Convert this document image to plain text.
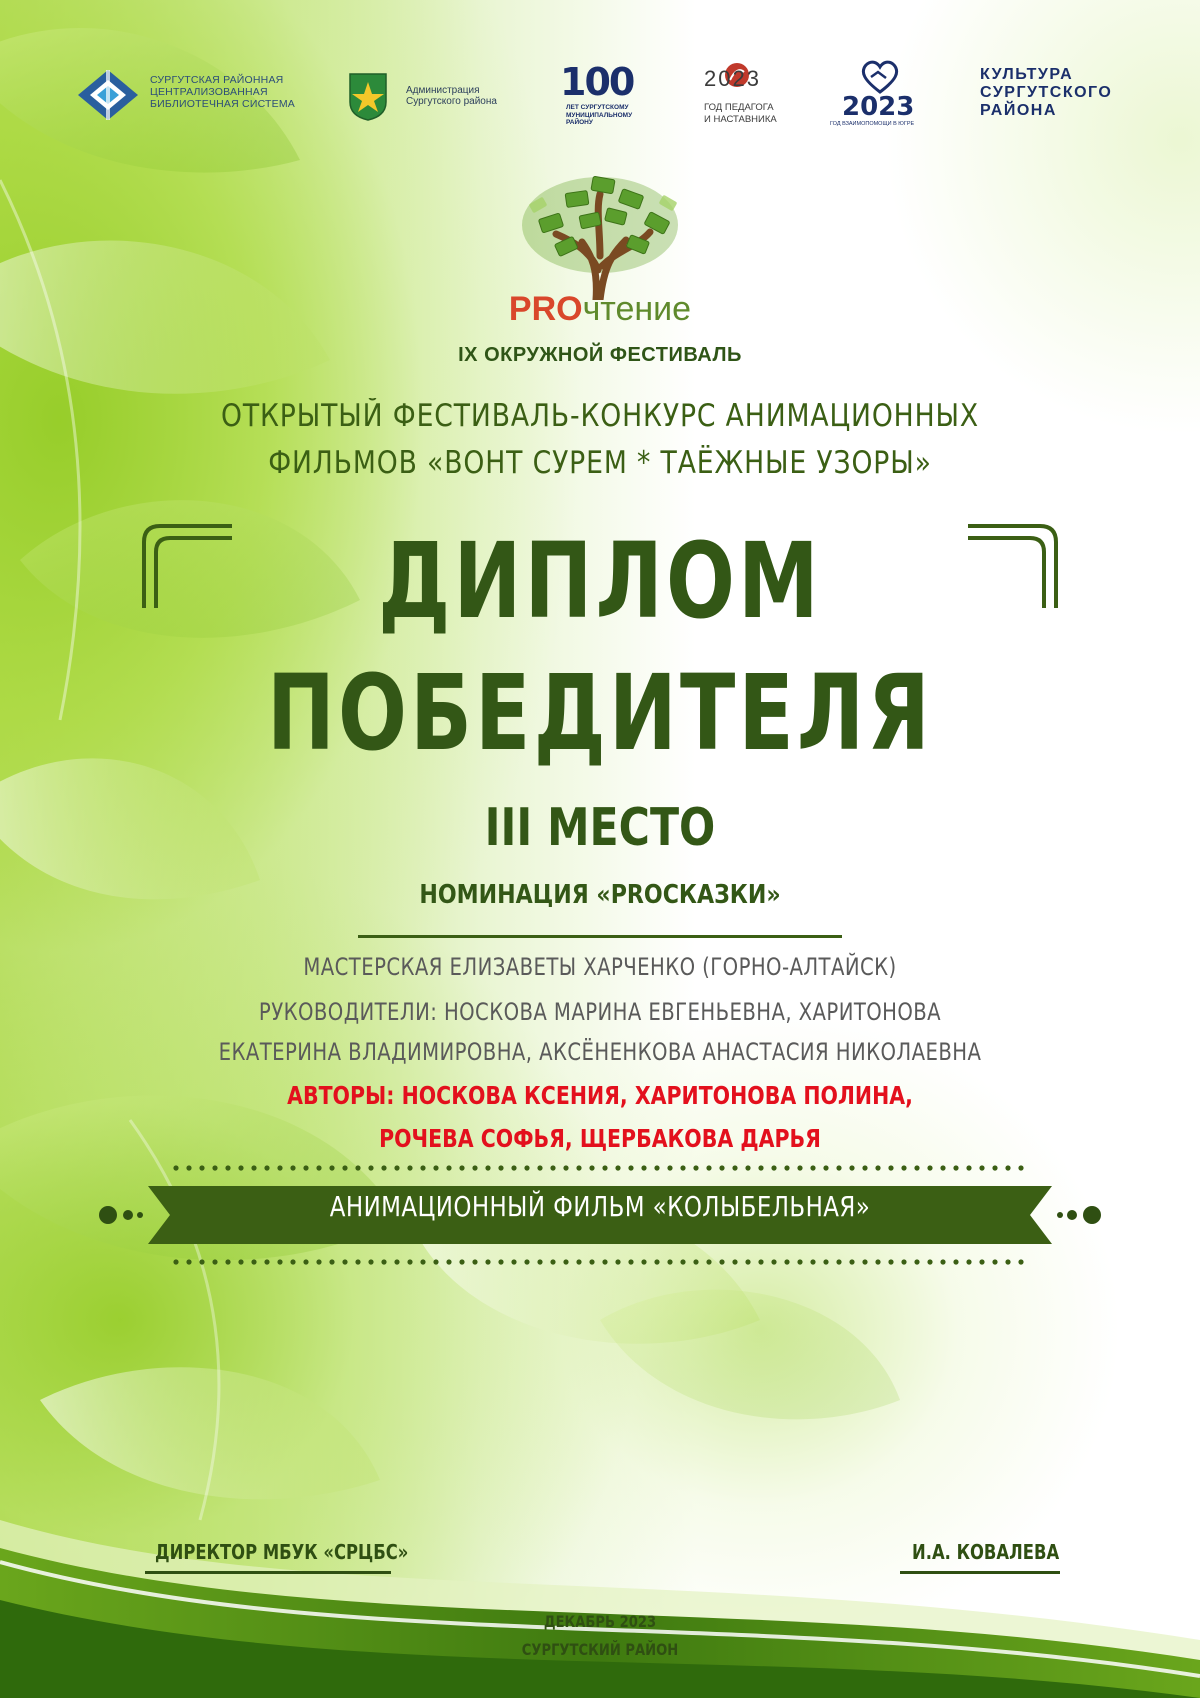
СУРГУТСКАЯ РАЙОННАЯ
ЦЕНТРАЛИЗОВАННАЯ
БИБЛИОТЕЧНАЯ СИСТЕМА
Администрация
Сургутского района 100
ЛЕТ СУРГУТСКОМУ
МУНИЦИПАЛЬНОМУ
РАЙОНУ
2023
ГОД ПЕДАГОГА
И НАСТАВНИКА	2023
ГОД ВЗАИМОПОМОЩИ В ЮГРЕ
КУЛЬТУРА
СУРГУТСКОГО
РАЙОНА
PROчтение
IX ОКРУЖНОЙ ФЕСТИВАЛЬ
ОТКРЫТЫЙ ФЕСТИВАЛЬ-КОНКУРС АНИМАЦИОННЫХ
ФИЛЬМОВ «ВОНТ СУРЕМ * ТАЁЖНЫЕ УЗОРЫ»
ДИПЛОМ
ПОБЕДИТЕЛЯ
III МЕСТО
НОМИНАЦИЯ «PROСКАЗКИ»
МАСТЕРСКАЯ ЕЛИЗАВЕТЫ ХАРЧЕНКО (ГОРНО-АЛТАЙСК)
РУКОВОДИТЕЛИ: НОСКОВА МАРИНА ЕВГЕНЬЕВНА, ХАРИТОНОВА
ЕКАТЕРИНА ВЛАДИМИРОВНА, АКСЁНЕНКОВА АНАСТАСИЯ НИКОЛАЕВНА
АВТОРЫ: НОСКОВА КСЕНИЯ, ХАРИТОНОВА ПОЛИНА,
РОЧЕВА СОФЬЯ, ЩЕРБАКОВА ДАРЬЯ
АНИМАЦИОННЫЙ ФИЛЬМ «КОЛЫБЕЛЬНАЯ»
ДИРЕКТОР МБУК «СРЦБС»	И.А. КОВАЛЕВА
ДЕКАБРЬ 2023
СУРГУТСКИЙ РАЙОН
